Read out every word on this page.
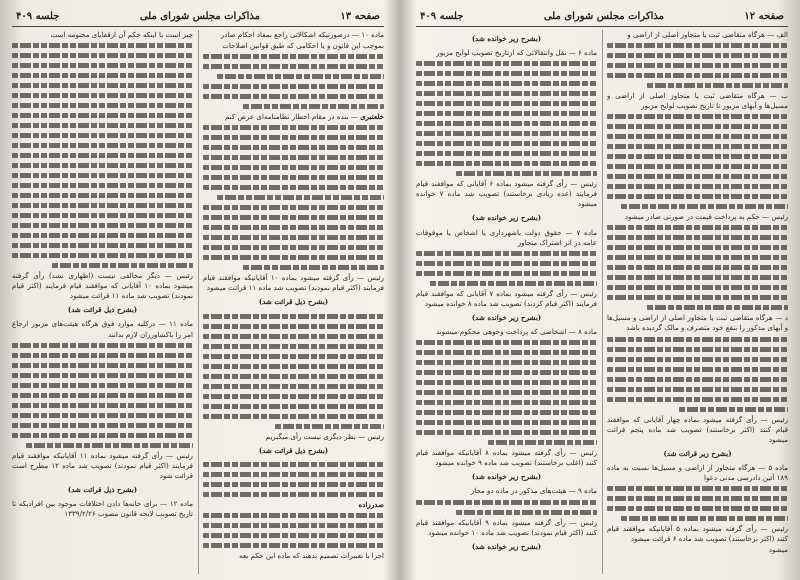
صفحه ۱۳
مذاکرات مجلس شورای ملی
جلسه ۴۰۹

ماده ۱۰ — درصورتیکه اشکالاتی راجع بمفاد احکام صادر

بموجب این قانون و یا احکامی که طبق قوانین اصلاحات

خلعتبری — بنده در مقام اخطار نظامنامه‌ای عرض کنم

رئیس — رأی گرفته میشود بماده ۱۰ آقایانیکه موافقند قیام فرمایند (اکثر قیام نمودند) تصویب شد ماده ۱۱ قرائت میشود

(بشرح ذیل قرائت شد)

رئیس — نظر دیگری نیست رأی میگیریم

(بشرح ذیل قرائت شد)

صدرزاده

اجرا با تعبیرات تصمیم بدهند که ماده این حکم بعه

چیز است یا اینکه حکم آن ارقفایای مختومه است

رئیس — دیگر مخالفی نیست (اظهاری نشد) رأی گرفته میشود بماده ۱۰ آقایانی که موافقند قیام فرمایند (اکثر قیام نمودند) تصویب شد ماده ۱۱ قرائت میشود

(بشرح ذیل قرائت شد)

ماده ۱۱ — درکلیه موارد فوق هرگاه هیئت‌های مزبور ارجاع امر را باکشاورزان لازم بدانند

رئیس — رأی گرفته میشود بماده ۱۱ آقایانیکه موافقند قیام فرمایند (اکثر قیام نمودند) تصویب شد ماده ۱۲ مطرح است قرائت شود

(بشرح ذیل قرائت شد)

ماده ۱۲ — برای خانه‌ها دادن اختلافات موجود بین افرادیکه تا تاریخ تصویب لایحه قانون مصوب ۱۳۳۹/۲/۲۶

صفحه ۱۲
مذاکرات مجلس شورای ملی
جلسه ۴۰۹

الف — هرگاه متقاضی ثبت یا متجاوز اصلی از اراضی و

ب — هرگاه متقاضی ثبت یا متجاوز اصلی از اراضی و مسیل‌ها و آبهای مزبور تا تاریخ تصویب لوایح مزبور

رئیس — حکم به پرداخت قیمت در صورتی صادر میشود

د — هرگاه متقاضی ثبت یا متجاوز اصلی از اراضی و مسیل‌ها و آبهای مذکور را بنفع خود متصرف و مالک گردیده باشد

رئیس — رأی گرفته میشود بماده چهار آقایانی که موافقند قیام کنند (اکثر برخاستند) تصویب شد ماده پنجم قرائت میشود

(بشرح زیر قرائت شد)

ماده ۵ — هرگاه متجاوز از اراضی و مسیل‌ها نسبت به ماده ۱۸۹ آئین دادرسی مدنی دعوا

رئیس — رأی گرفته میشود بماده ۵ آقایانیکه موافقند قیام کنند (اکثر برخاستند) تصویب شد ماده ۶ قرائت میشود

میشود

(بشرح زیر خوانده شد)

ماده ۶ — نقل وانتقالاتی که ازتاریخ تصویب لوایح مزبور

رئیس — رأی گرفته میشود بماده ۶ آقایانی که موافقند قیام فرمایند (عده زیادی برخاستند) تصویب شد ماده ۷ خوانده میشود

(بشرح زیر خوانده شد)

ماده ۷ — حقوق دولت یاشهرداری یا اشخاص یا موقوفات عامه در اثر اشتراک متجاوز

رئیس — رأی گرفته میشود بماده ۷ آقایانی که موافقند قیام فرمایند (اکثر قیام کردند) تصویب شد ماده ۸ خوانده میشود

(بشرح زیر خوانده شد)

ماده ۸ — اشخاصی که پرداخت وجوهی محکوم میشوند

رئیس — رأی گرفته میشود بماده ۸ آقایانیکه موافقند قیام کنند (اغلب برخاستند) تصویب شد ماده ۹ خوانده میشود

(بشرح زیر خوانده شد)

ماده ۹ — هیئت‌های مذکور در ماده دو مجاز

رئیس — رأی گرفته میشود بماده ۹ آقایانیکه موافقند قیام کنند (اکثر قیام نمودند) تصویب شد ماده ۱۰ خوانده میشود

(بشرح زیر خوانده شد)
